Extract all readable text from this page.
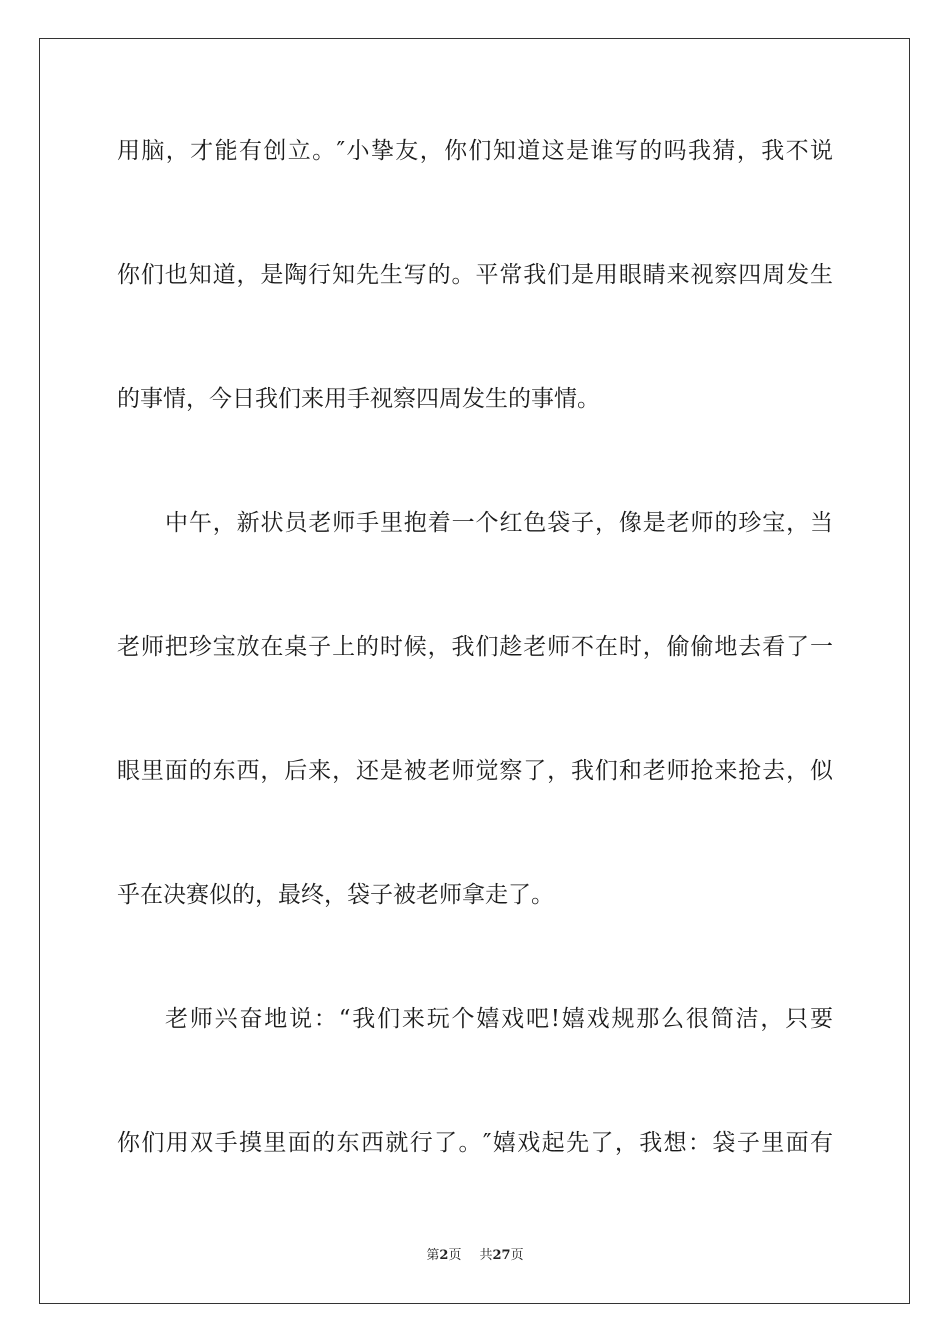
用脑，才能有创立。″小挚友，你们知道这是谁写的吗我猜，我不说
你们也知道，是陶行知先生写的。平常我们是用眼睛来视察四周发生
的事情，今日我们来用手视察四周发生的事情。
中午，新状员老师手里抱着一个红色袋子，像是老师的珍宝，当
老师把珍宝放在桌子上的时候，我们趁老师不在时，偷偷地去看了一
眼里面的东西，后来，还是被老师觉察了，我们和老师抢来抢去，似
乎在决赛似的，最终，袋子被老师拿走了。
老师兴奋地说：“我们来玩个嬉戏吧!嬉戏规那么很简洁，只要
你们用双手摸里面的东西就行了。″嬉戏起先了，我想：袋子里面有
第2页 共27页
